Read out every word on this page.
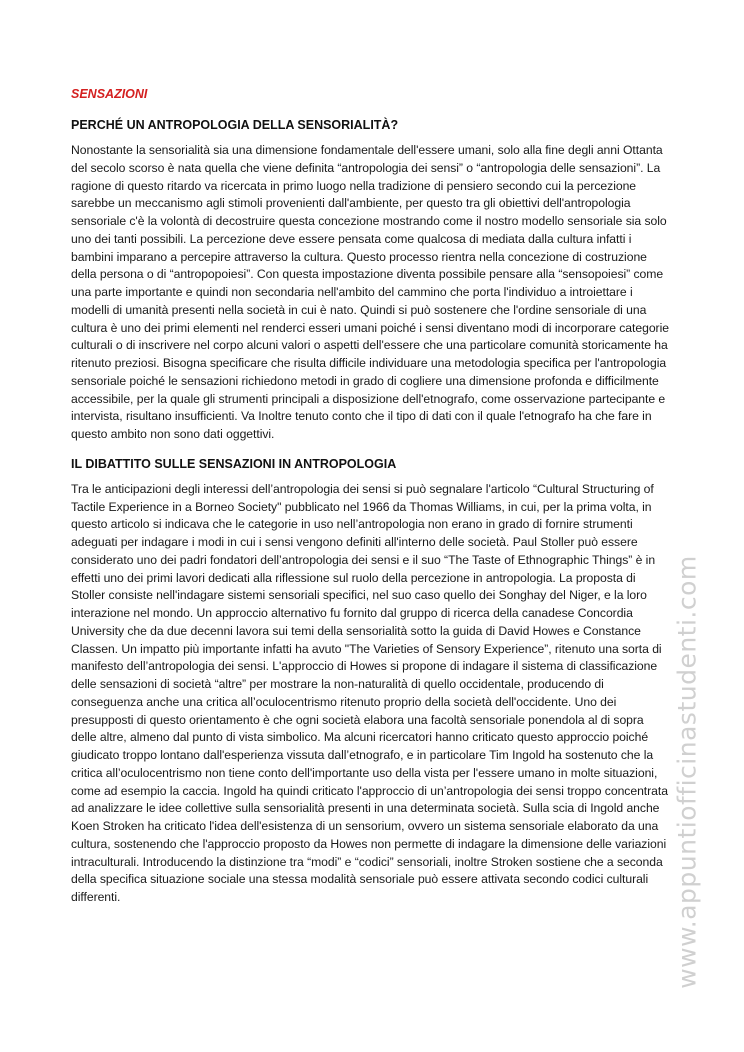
SENSAZIONI
PERCHÉ UN ANTROPOLOGIA DELLA SENSORIALITÀ?

Nonostante la sensorialità sia una dimensione fondamentale dell'essere umani, solo alla fine degli anni Ottanta del secolo scorso è nata quella che viene definita “antropologia dei sensi” o “antropologia delle sensazioni”. La ragione di questo ritardo va ricercata in primo luogo nella tradizione di pensiero secondo cui la percezione sarebbe un meccanismo agli stimoli provenienti dall'ambiente, per questo tra gli obiettivi dell'antropologia sensoriale c'è la volontà di decostruire questa concezione mostrando come il nostro modello sensoriale sia solo uno dei tanti possibili. La percezione deve essere pensata come qualcosa di mediata dalla cultura infatti i bambini imparano a percepire attraverso la cultura. Questo processo rientra nella concezione di costruzione della persona o di “antropopoiesi”. Con questa impostazione diventa possibile pensare alla “sensopoiesi” come una parte importante e quindi non secondaria nell'ambito del cammino che porta l'individuo a introiettare i modelli di umanità presenti nella società in cui è nato. Quindi si può sostenere che l'ordine sensoriale di una cultura è uno dei primi elementi nel renderci esseri umani poiché i sensi diventano modi di incorporare categorie culturali o di inscrivere nel corpo alcuni valori o aspetti dell'essere che una particolare comunità storicamente ha ritenuto preziosi. Bisogna specificare che risulta difficile individuare una metodologia specifica per l'antropologia sensoriale poiché le sensazioni richiedono metodi in grado di cogliere una dimensione profonda e difficilmente accessibile, per la quale gli strumenti principali a disposizione dell'etnografo, come osservazione partecipante e intervista, risultano insufficienti. Va Inoltre tenuto conto che il tipo di dati con il quale l'etnografo ha che fare in questo ambito non sono dati oggettivi.

IL DIBATTITO SULLE SENSAZIONI IN ANTROPOLOGIA

Tra le anticipazioni degli interessi dell’antropologia dei sensi si può segnalare l'articolo “Cultural Structuring of Tactile Experience in a Borneo Society" pubblicato nel 1966 da Thomas Williams, in cui, per la prima volta, in questo articolo si indicava che le categorie in uso nell’antropologia non erano in grado di fornire strumenti adeguati per indagare i modi in cui i sensi vengono definiti all'interno delle società. Paul Stoller può essere considerato uno dei padri fondatori dell’antropologia dei sensi e il suo “The Taste of Ethnographic Things” è in effetti uno dei primi lavori dedicati alla riflessione sul ruolo della percezione in antropologia. La proposta di Stoller consiste nell'indagare sistemi sensoriali specifici, nel suo caso quello dei Songhay del Niger, e la loro interazione nel mondo. Un approccio alternativo fu fornito dal gruppo di ricerca della canadese Concordia University che da due decenni lavora sui temi della sensorialità sotto la guida di David Howes e Constance Classen. Un impatto più importante infatti ha avuto "The Varieties of Sensory Experience”, ritenuto una sorta di manifesto dell’antropologia dei sensi. L'approccio di Howes si propone di indagare il sistema di classificazione delle sensazioni di società “altre” per mostrare la non-naturalità di quello occidentale, producendo di conseguenza anche una critica all’oculocentrismo ritenuto proprio della società dell'occidente. Uno dei presupposti di questo orientamento è che ogni società elabora una facoltà sensoriale ponendola al di sopra delle altre, almeno dal punto di vista simbolico. Ma alcuni ricercatori hanno criticato questo approccio poiché giudicato troppo lontano dall'esperienza vissuta dall’etnografo, e in particolare Tim Ingold ha sostenuto che la critica all’oculocentrismo non tiene conto dell'importante uso della vista per l'essere umano in molte situazioni, come ad esempio la caccia. Ingold ha quindi criticato l'approccio di un’antropologia dei sensi troppo concentrata ad analizzare le idee collettive sulla sensorialità presenti in una determinata società. Sulla scia di Ingold anche Koen Stroken ha criticato l'idea dell'esistenza di un sensorium, ovvero un sistema sensoriale elaborato da una cultura, sostenendo che l'approccio proposto da Howes non permette di indagare la dimensione delle variazioni intraculturali. Introducendo la distinzione tra “modi” e “codici” sensoriali, inoltre Stroken sostiene che a seconda della specifica situazione sociale una stessa modalità sensoriale può essere attivata secondo codici culturali differenti.	www.appuntiofficinastudenti.com
